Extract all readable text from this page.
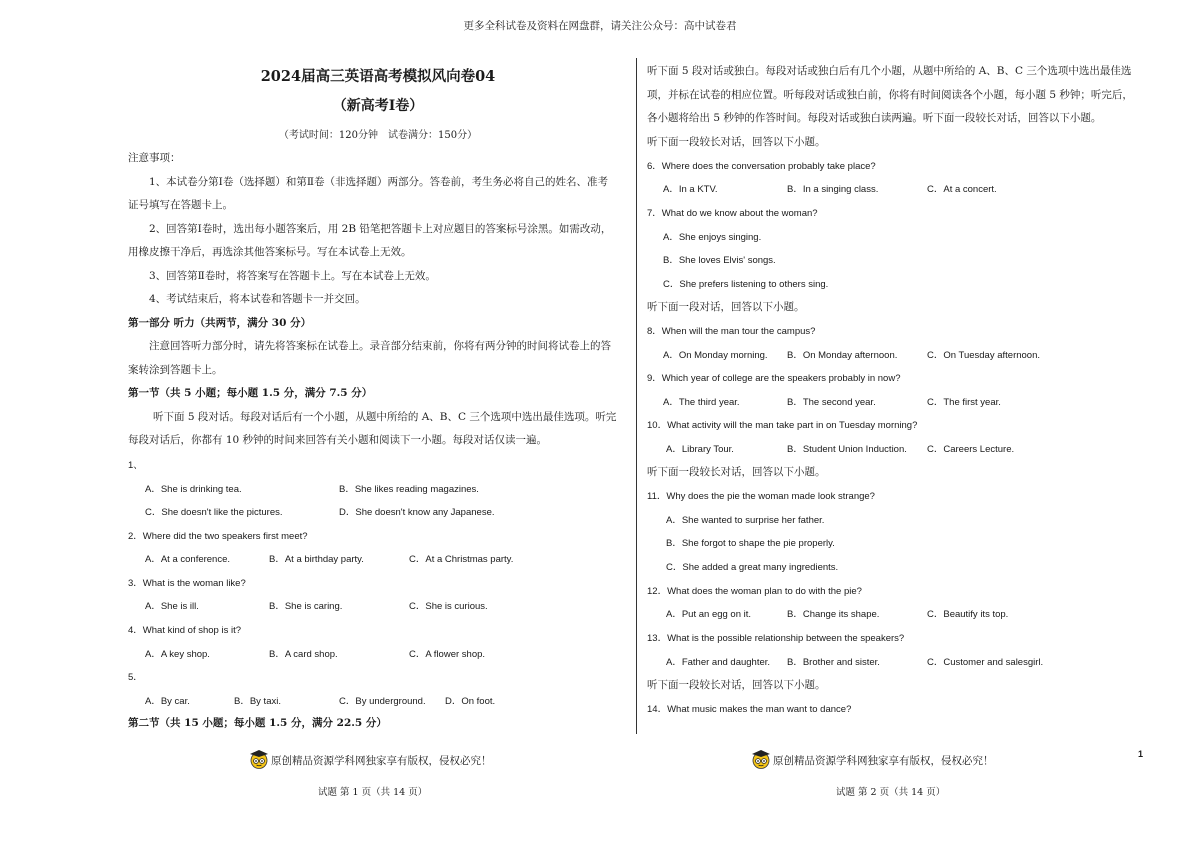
更多全科试卷及资料在网盘群，请关注公众号：高中试卷君
2024届高三英语高考模拟风向卷04
（新高考Ⅰ卷）
（考试时间：120分钟　试卷满分：150分）
注意事项：
1、本试卷分第Ⅰ卷（选择题）和第Ⅱ卷（非选择题）两部分。答卷前，考生务必将自己的姓名、准考
证号填写在答题卡上。
2、回答第Ⅰ卷时，选出每小题答案后，用 2B 铅笔把答题卡上对应题目的答案标号涂黑。如需改动，
用橡皮擦干净后，再选涂其他答案标号。写在本试卷上无效。
3、回答第Ⅱ卷时，将答案写在答题卡上。写在本试卷上无效。
4、考试结束后，将本试卷和答题卡一并交回。
第一部分 听力（共两节，满分 30 分）
注意回答听力部分时，请先将答案标在试卷上。录音部分结束前，你将有两分钟的时间将试卷上的答
案转涂到答题卡上。
第一节（共 5 小题；每小题 1.5 分，满分 7.5 分）
听下面 5 段对话。每段对话后有一个小题，从题中所给的 A、B、C 三个选项中选出最佳选项。听完
每段对话后，你都有 10 秒钟的时间来回答有关小题和阅读下一小题。每段对话仅读一遍。
1、
A．She is drinking tea.	B．She likes reading magazines.
C．She doesn't like the pictures.	D．She doesn't know any Japanese.
2．Where did the two speakers first meet?
A．At a conference.	B．At a birthday party.	C．At a Christmas party.
3．What is the woman like?
A．She is ill.	B．She is caring.	C．She is curious.
4．What kind of shop is it?
A．A key shop.	B．A card shop.	C．A flower shop.
5．
A．By car.	B．By taxi.	C．By underground. D．On foot.
第二节（共 15 小题；每小题 1.5 分，满分 22.5 分）
听下面 5 段对话或独白。每段对话或独白后有几个小题，从题中所给的 A、B、C 三个选项中选出最佳选
项，并标在试卷的相应位置。听每段对话或独白前，你将有时间阅读各个小题，每小题 5 秒钟；听完后，
各小题将给出 5 秒钟的作答时间。每段对话或独白读两遍。听下面一段较长对话，回答以下小题。
听下面一段较长对话，回答以下小题。
6．Where does the conversation probably take place?
A．In a KTV.	B．In a singing class.	C．At a concert.
7．What do we know about the woman?
A．She enjoys singing.
B．She loves Elvis' songs.
C．She prefers listening to others sing.
听下面一段对话，回答以下小题。
8．When will the man tour the campus?
A．On Monday morning. B．On Monday afternoon.	C．On Tuesday afternoon.
9．Which year of college are the speakers probably in now?
A．The third year.	B．The second year.	C．The first year.
10．What activity will the man take part in on Tuesday morning?
A．Library Tour.	B．Student Union Induction. C．Careers Lecture.
听下面一段较长对话，回答以下小题。
11．Why does the pie the woman made look strange?
A．She wanted to surprise her father.
B．She forgot to shape the pie properly.
C．She added a great many ingredients.
12．What does the woman plan to do with the pie?
A．Put an egg on it.	B．Change its shape.	C．Beautify its top.
13．What is the possible relationship between the speakers?
A．Father and daughter. B．Brother and sister.	C．Customer and salesgirl.
听下面一段较长对话，回答以下小题。
14．What music makes the man want to dance?
原创精品资源学科网独家享有版权，侵权必究！	原创精品资源学科网独家享有版权，侵权必究！
1
试题 第 1 页（共 14 页）	试题 第 2 页（共 14 页）
